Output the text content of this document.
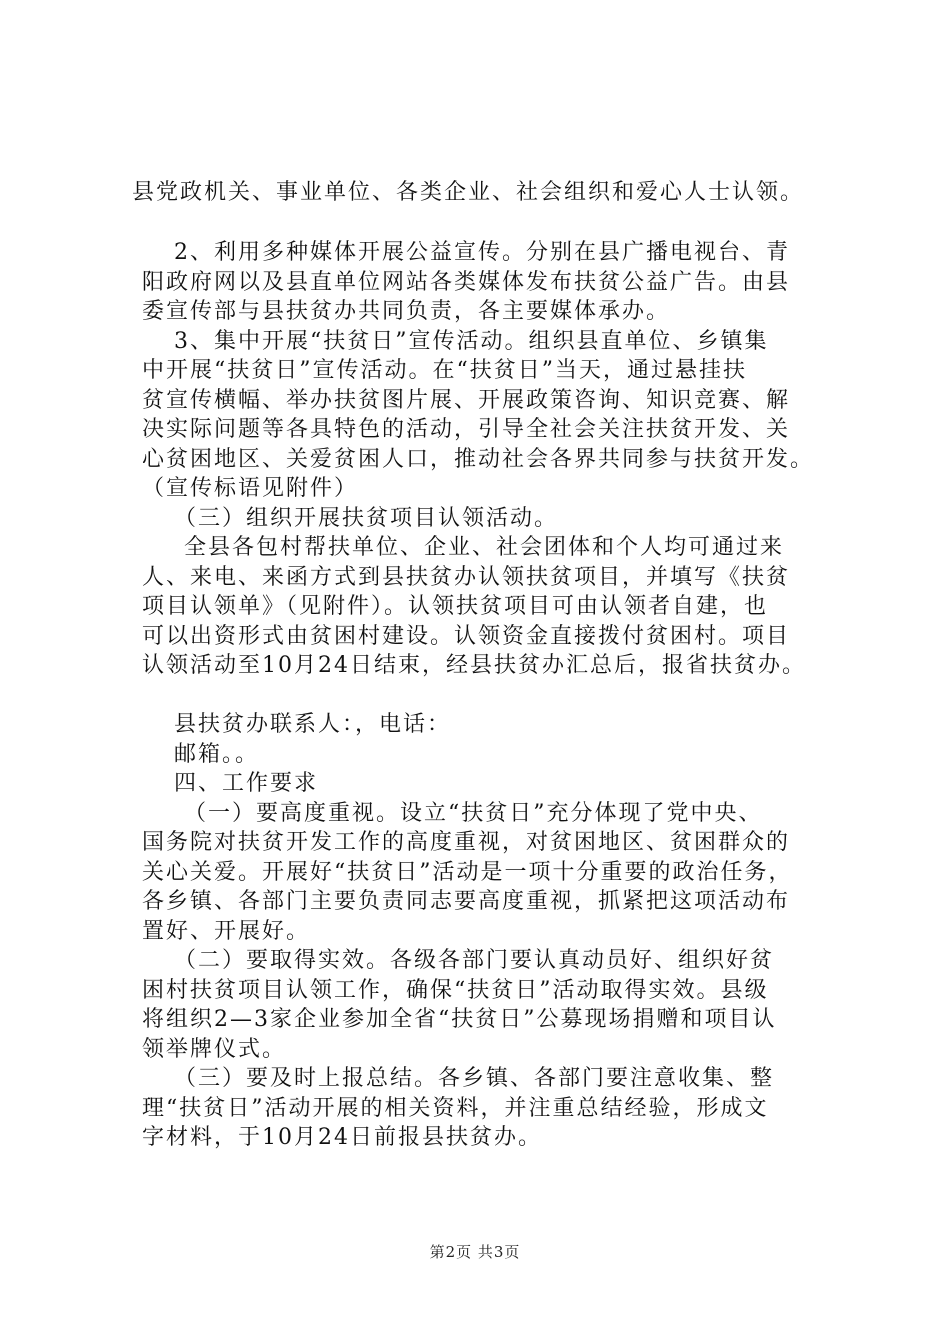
县党政机关、事业单位、各类企业、社会组织和爱心人士认领。
2、利用多种媒体开展公益宣传。分别在县广播电视台、青
阳政府网以及县直单位网站各类媒体发布扶贫公益广告。由县
委宣传部与县扶贫办共同负责，各主要媒体承办。
3、集中开展“扶贫日”宣传活动。组织县直单位、乡镇集
中开展“扶贫日”宣传活动。在“扶贫日”当天，通过悬挂扶
贫宣传横幅、举办扶贫图片展、开展政策咨询、知识竞赛、解
决实际问题等各具特色的活动，引导全社会关注扶贫开发、关
心贫困地区、关爱贫困人口，推动社会各界共同参与扶贫开发。
（宣传标语见附件）
（三）组织开展扶贫项目认领活动。
全县各包村帮扶单位、企业、社会团体和个人均可通过来
人、来电、来函方式到县扶贫办认领扶贫项目，并填写《扶贫
项目认领单》（见附件）。认领扶贫项目可由认领者自建，也
可以出资形式由贫困村建设。认领资金直接拨付贫困村。项目
认领活动至10月24日结束，经县扶贫办汇总后，报省扶贫办。
县扶贫办联系人：，电话：
邮箱。。
四、工作要求
（一）要高度重视。设立“扶贫日”充分体现了党中央、
国务院对扶贫开发工作的高度重视，对贫困地区、贫困群众的
关心关爱。开展好“扶贫日”活动是一项十分重要的政治任务，
各乡镇、各部门主要负责同志要高度重视，抓紧把这项活动布
置好、开展好。
（二）要取得实效。各级各部门要认真动员好、组织好贫
困村扶贫项目认领工作，确保“扶贫日”活动取得实效。县级
将组织2—3家企业参加全省“扶贫日”公募现场捐赠和项目认
领举牌仪式。
（三）要及时上报总结。各乡镇、各部门要注意收集、整
理“扶贫日”活动开展的相关资料，并注重总结经验，形成文
字材料，于10月24日前报县扶贫办。
第2页 共3页
